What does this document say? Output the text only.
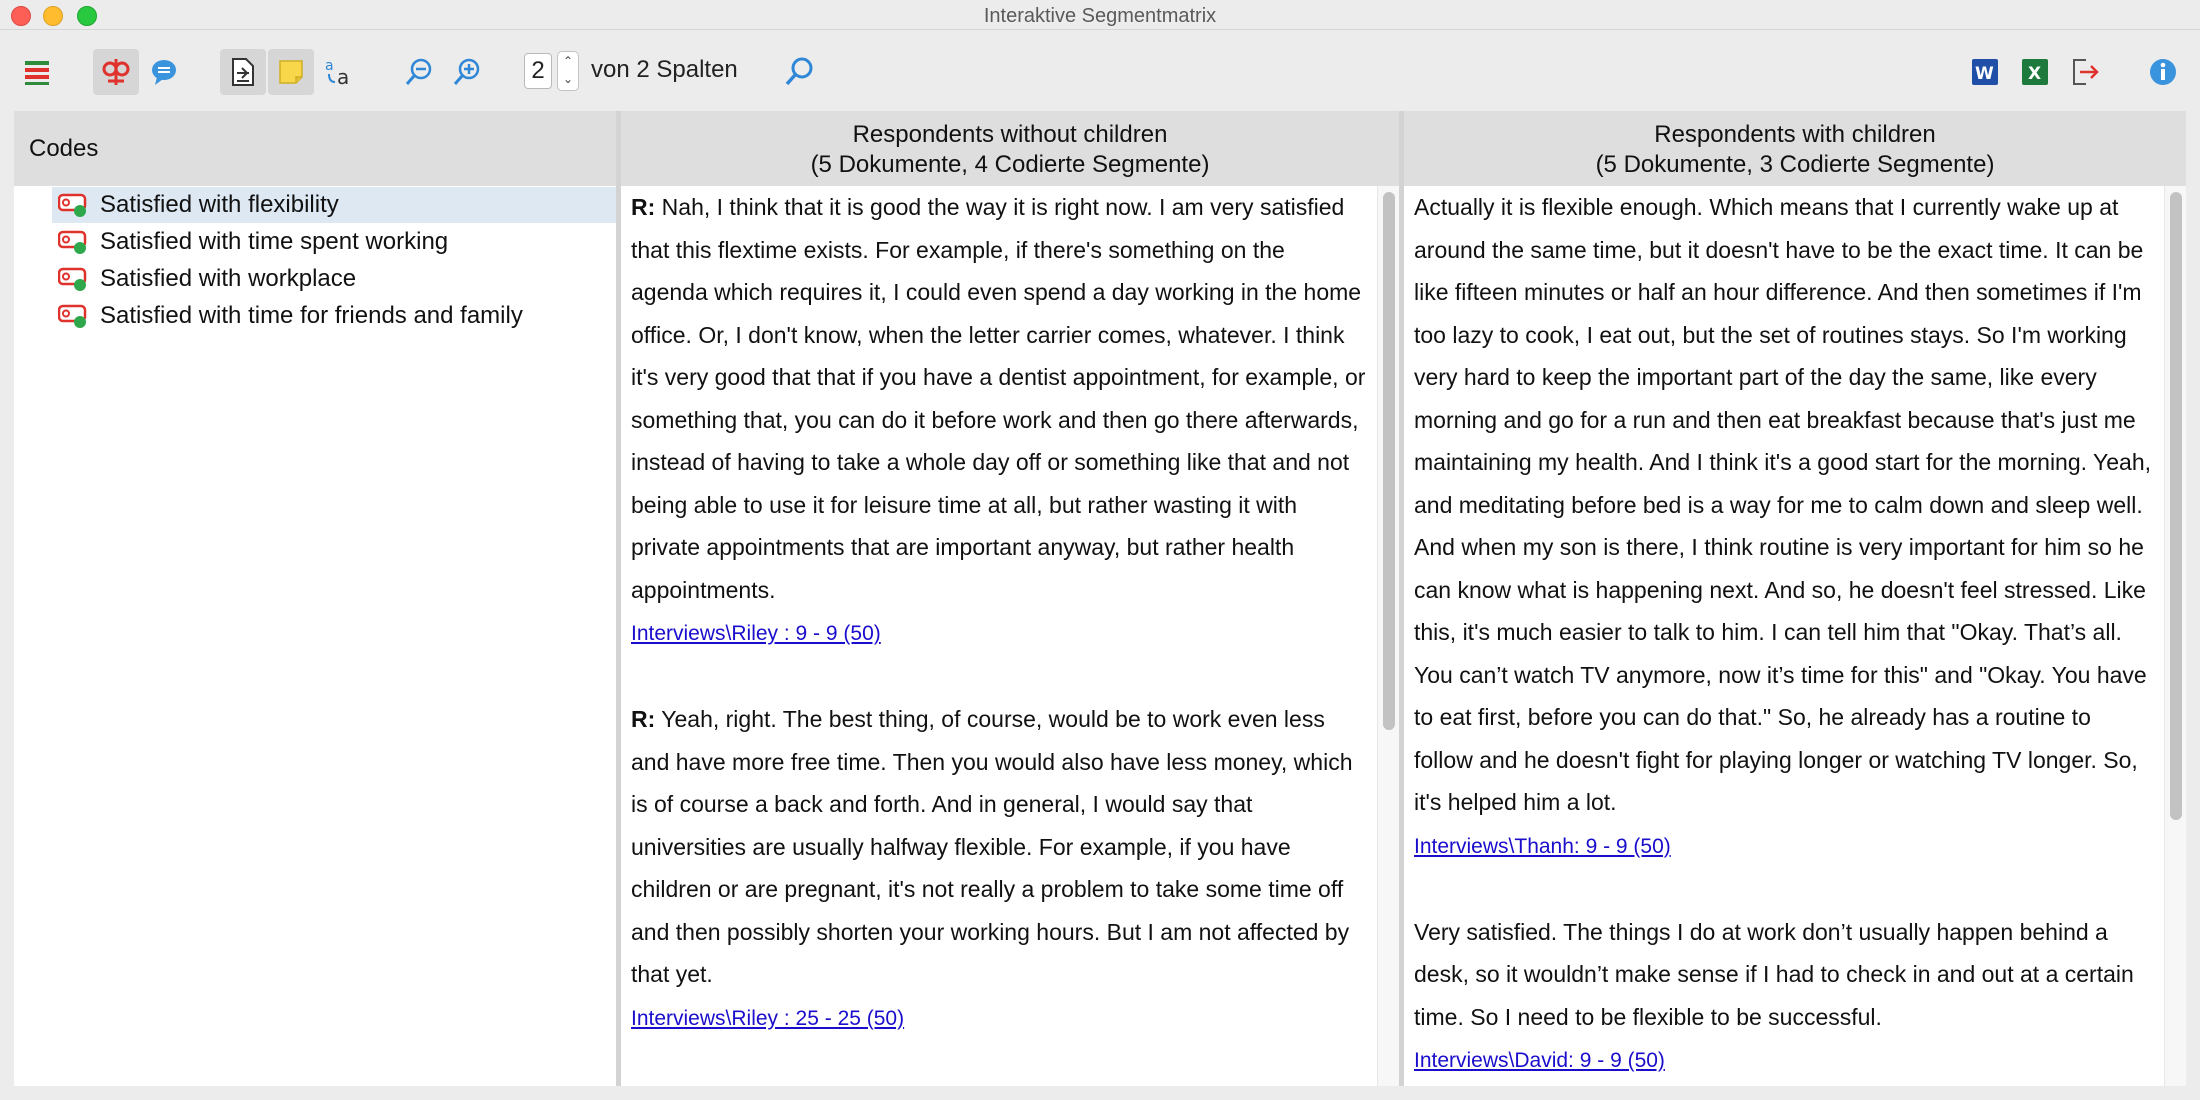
Interaktive Segmentmatrix
a a	2	⌃
⌄ von 2 Spalten	W X
Codes
Satisfied with flexibility
Satisfied with time spent working
Satisfied with workplace
Satisfied with time for friends and family
Respondents without children
(5 Dokumente, 4 Codierte Segmente)

R: Nah, I think that it is good the way it is right now. I am very satisfied that this flextime exists. For example, if there's something on the agenda which requires it, I could even spend a day working in the home office. Or, I don't know, when the letter carrier comes, whatever. I think it's very good that that if you have a dentist appointment, for example, or something that, you can do it before work and then go there afterwards, instead of having to take a whole day off or something like that and not being able to use it for leisure time at all, but rather wasting it with private appointments that are important anyway, but rather health appointments.

Interviews\Riley : 9 - 9 (50)

R: Yeah, right. The best thing, of course, would be to work even less and have more free time. Then you would also have less money, which is of course a back and forth. And in general, I would say that universities are usually halfway flexible. For example, if you have children or are pregnant, it's not really a problem to take some time off and then possibly shorten your working hours. But I am not affected by that yet.

Interviews\Riley : 25 - 25 (50)
Respondents with children
(5 Dokumente, 3 Codierte Segmente)

Actually it is flexible enough. Which means that I currently wake up at around the same time, but it doesn't have to be the exact time. It can be like fifteen minutes or half an hour difference. And then sometimes if I'm too lazy to cook, I eat out, but the set of routines stays. So I'm working very hard to keep the important part of the day the same, like every morning and go for a run and then eat breakfast because that's just me maintaining my health. And I think it's a good start for the morning. Yeah, and meditating before bed is a way for me to calm down and sleep well. And when my son is there, I think routine is very important for him so he can know what is happening next. And so, he doesn't feel stressed. Like this, it's much easier to talk to him. I can tell him that "Okay. That’s all. You can’t watch TV anymore, now it’s time for this" and "Okay. You have to eat first, before you can do that." So, he already has a routine to follow and he doesn't fight for playing longer or watching TV longer. So, it's helped him a lot.

Interviews\Thanh: 9 - 9 (50)

Very satisfied. The things I do at work don’t usually happen behind a desk, so it wouldn’t make sense if I had to check in and out at a certain time. So I need to be flexible to be successful.

Interviews\David: 9 - 9 (50)
